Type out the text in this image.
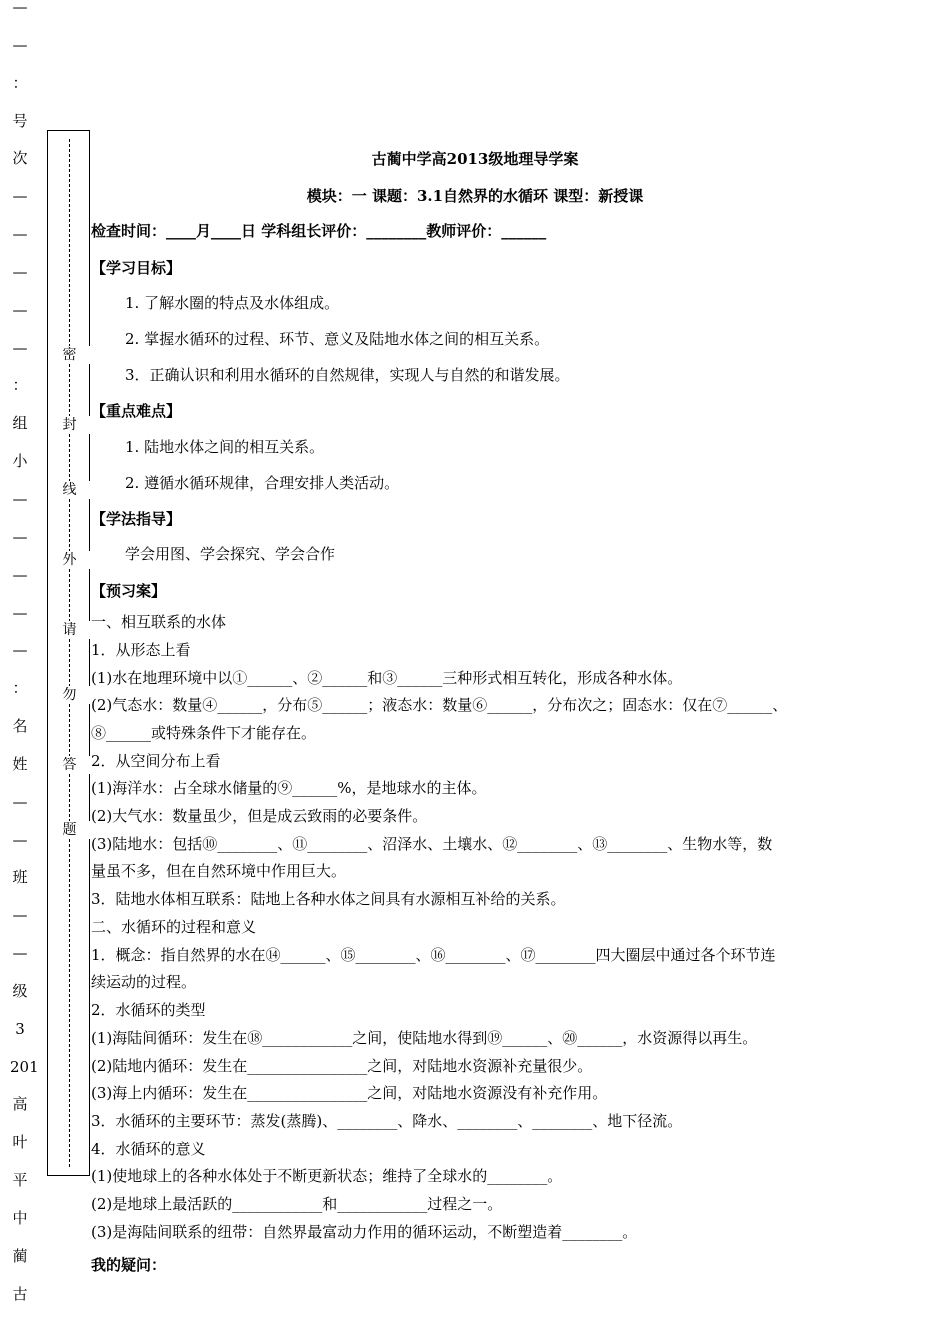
—
—
：
号
次
—
—
—
—
—
：
组
小
—
—
—
—
—
：
名
姓
—
—
班
—
—
级
3
201
高
叶
平
中
蔺
古
密
封
线
外
请
勿
答
题
古蔺中学高2013级地理导学案
模块：一 课题：3.1自然界的水循环 课型：新授课
检查时间：____月____日 学科组长评价：________教师评价：______
【学习目标】
1. 了解水圈的特点及水体组成。
2. 掌握水循环的过程、环节、意义及陆地水体之间的相互关系。
3．正确认识和利用水循环的自然规律，实现人与自然的和谐发展。
【重点难点】
1. 陆地水体之间的相互关系。
2. 遵循水循环规律，合理安排人类活动。
【学法指导】
学会用图、学会探究、学会合作
【预习案】
一、相互联系的水体
1．从形态上看
(1)水在地理环境中以①______、②______和③______三种形式相互转化，形成各种水体。
(2)气态水：数量④______，分布⑤______；液态水：数量⑥______，分布次之；固态水：仅在⑦______、
⑧______或特殊条件下才能存在。
2．从空间分布上看
(1)海洋水：占全球水储量的⑨______%，是地球水的主体。
(2)大气水：数量虽少，但是成云致雨的必要条件。
(3)陆地水：包括⑩________、⑪________、沼泽水、土壤水、⑫________、⑬________、生物水等，数
量虽不多，但在自然环境中作用巨大。
3．陆地水体相互联系：陆地上各种水体之间具有水源相互补给的关系。
二、水循环的过程和意义
1．概念：指自然界的水在⑭______、⑮________、⑯________、⑰________四大圈层中通过各个环节连
续运动的过程。
2．水循环的类型
(1)海陆间循环：发生在⑱____________之间，使陆地水得到⑲______、⑳______，水资源得以再生。
(2)陆地内循环：发生在________________之间，对陆地水资源补充量很少。
(3)海上内循环：发生在________________之间，对陆地水资源没有补充作用。
3．水循环的主要环节：蒸发(蒸腾)、________、降水、________、________、地下径流。
4．水循环的意义
(1)使地球上的各种水体处于不断更新状态；维持了全球水的________。
(2)是地球上最活跃的____________和____________过程之一。
(3)是海陆间联系的纽带：自然界最富动力作用的循环运动，不断塑造着________。
我的疑问：
